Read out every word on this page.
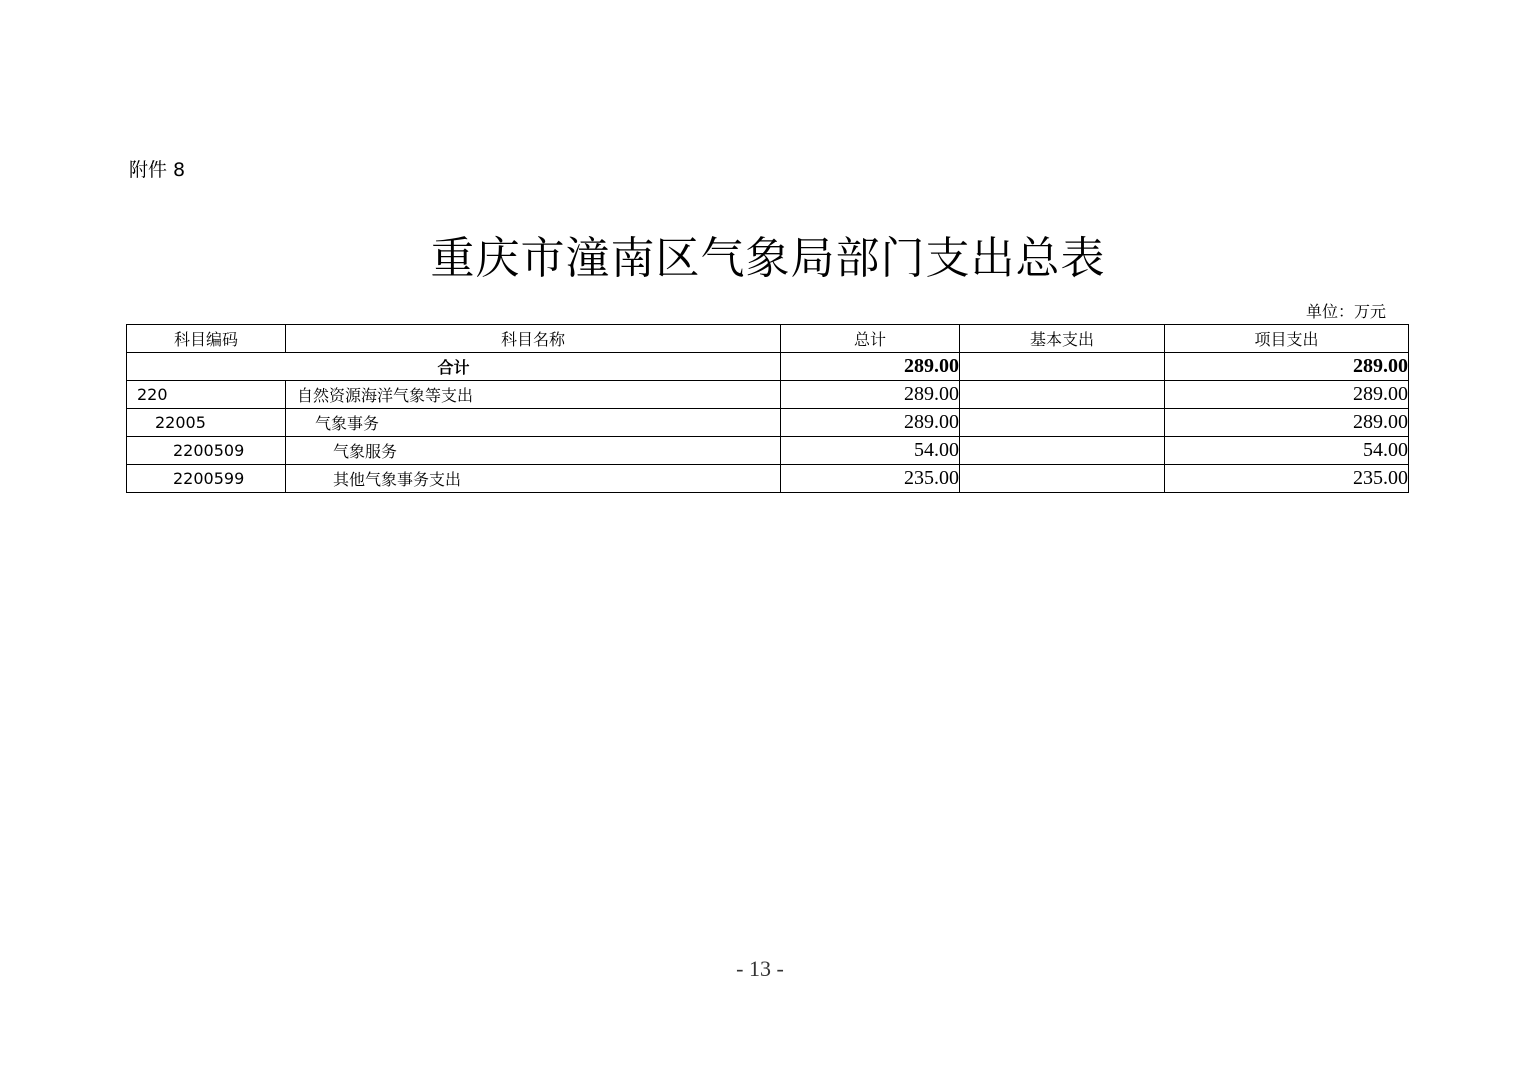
附件 8
重庆市潼南区气象局部门支出总表
单位：万元
科目编码	科目名称	总计	基本支出	项目支出
合计		289.00		289.00
220	自然资源海洋气象等支出	289.00		289.00
22005	气象事务	289.00		289.00
2200509	气象服务	54.00		54.00
2200599	其他气象事务支出	235.00		235.00
- 13 -
